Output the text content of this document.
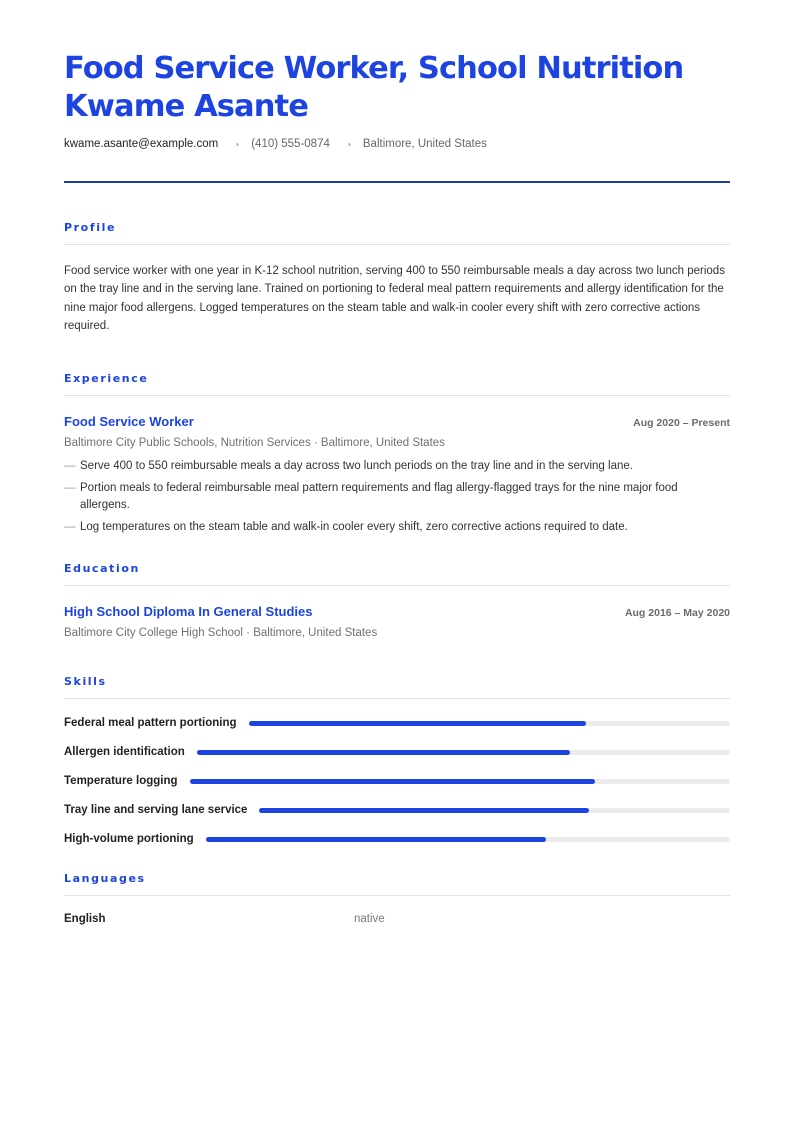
Food Service Worker, School Nutrition
Kwame Asante
kwame.asante@example.com	(410) 555-0874	Baltimore, United States
Profile
Food service worker with one year in K-12 school nutrition, serving 400 to 550 reimbursable meals a day across two lunch periods on the tray line and in the serving lane. Trained on portioning to federal meal pattern requirements and allergy identification for the nine major food allergens. Logged temperatures on the steam table and walk-in cooler every shift with zero corrective actions required.
Experience
Food Service Worker	Aug 2020 – Present
Baltimore City Public Schools, Nutrition Services · Baltimore, United States
— Serve 400 to 550 reimbursable meals a day across two lunch periods on the tray line and in the serving lane.
— Portion meals to federal reimbursable meal pattern requirements and flag allergy-flagged trays for the nine major food allergens.
— Log temperatures on the steam table and walk-in cooler every shift, zero corrective actions required to date.
Education
High School Diploma In General Studies	Aug 2016 – May 2020
Baltimore City College High School · Baltimore, United States
Skills
Federal meal pattern portioning
Allergen identification
Temperature logging
Tray line and serving lane service
High-volume portioning
Languages
English	native
